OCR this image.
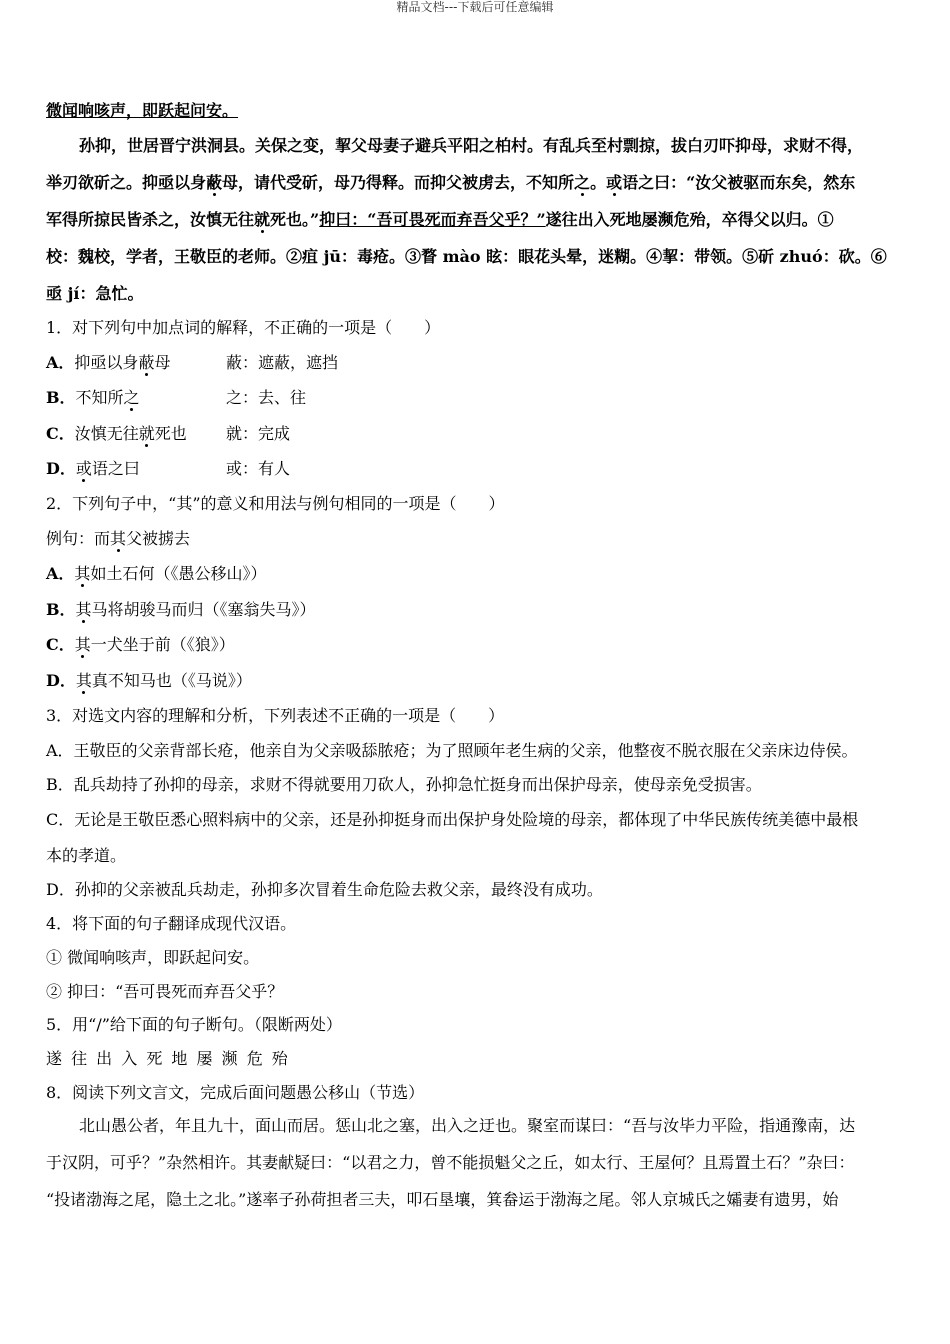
精品文档---下载后可任意编辑
微闻响咳声，即跃起问安。
孙抑，世居晋宁洪洞县。关保之变，挈父母妻子避兵平阳之柏村。有乱兵至村剽掠，拔白刃吓抑母，求财不得，
举刃欲斫之。抑亟以身蔽母，请代受斫，母乃得释。而抑父被虏去，不知所之。或语之曰：“汝父被驱而东矣，然东
军得所掠民皆杀之，汝慎无往就死也。”抑曰：“吾可畏死而弃吾父乎？”遂往出入死地屡濒危殆，卒得父以归。①
校：魏校，学者，王敬臣的老师。②疽 jū：毒疮。③瞀 mào 眩：眼花头晕，迷糊。④挈：带领。⑤斫 zhuó：砍。⑥
亟 jí：急忙。
1．对下列句中加点词的解释，不正确的一项是（　　）
A．抑亟以身蔽母	蔽：遮蔽，遮挡
B．不知所之	之：去、往
C．汝慎无往就死也 就：完成
D．或语之曰	或：有人
2．下列句子中，“其”的意义和用法与例句相同的一项是（　　）
例句：而其父被掳去
A．其如土石何（《愚公移山》）
B．其马将胡骏马而归（《塞翁失马》）
C．其一犬坐于前（《狼》）
D．其真不知马也（《马说》）
3．对选文内容的理解和分析，下列表述不正确的一项是（　　）
A．王敬臣的父亲背部长疮，他亲自为父亲吸舔脓疮；为了照顾年老生病的父亲，他整夜不脱衣服在父亲床边侍侯。
B．乱兵劫持了孙抑的母亲，求财不得就要用刀砍人，孙抑急忙挺身而出保护母亲，使母亲免受损害。
C．无论是王敬臣悉心照料病中的父亲，还是孙抑挺身而出保护身处险境的母亲，都体现了中华民族传统美德中最根
本的孝道。
D．孙抑的父亲被乱兵劫走，孙抑多次冒着生命危险去救父亲，最终没有成功。
4．将下面的句子翻译成现代汉语。
① 微闻响咳声，即跃起问安。
② 抑曰：“吾可畏死而弃吾父乎？
5．用“/”给下面的句子断句。（限断两处）
遂 往 出 入 死 地 屡 濒 危 殆
8．阅读下列文言文，完成后面问题愚公移山（节选）
北山愚公者，年且九十，面山而居。惩山北之塞，出入之迂也。聚室而谋曰：“吾与汝毕力平险，指通豫南，达
于汉阴，可乎？”杂然相许。其妻献疑曰：“以君之力，曾不能损魁父之丘，如太行、王屋何？且焉置土石？”杂曰：
“投诸渤海之尾，隐土之北。”遂率子孙荷担者三夫，叩石垦壤，箕畚运于渤海之尾。邻人京城氏之孀妻有遗男，始
